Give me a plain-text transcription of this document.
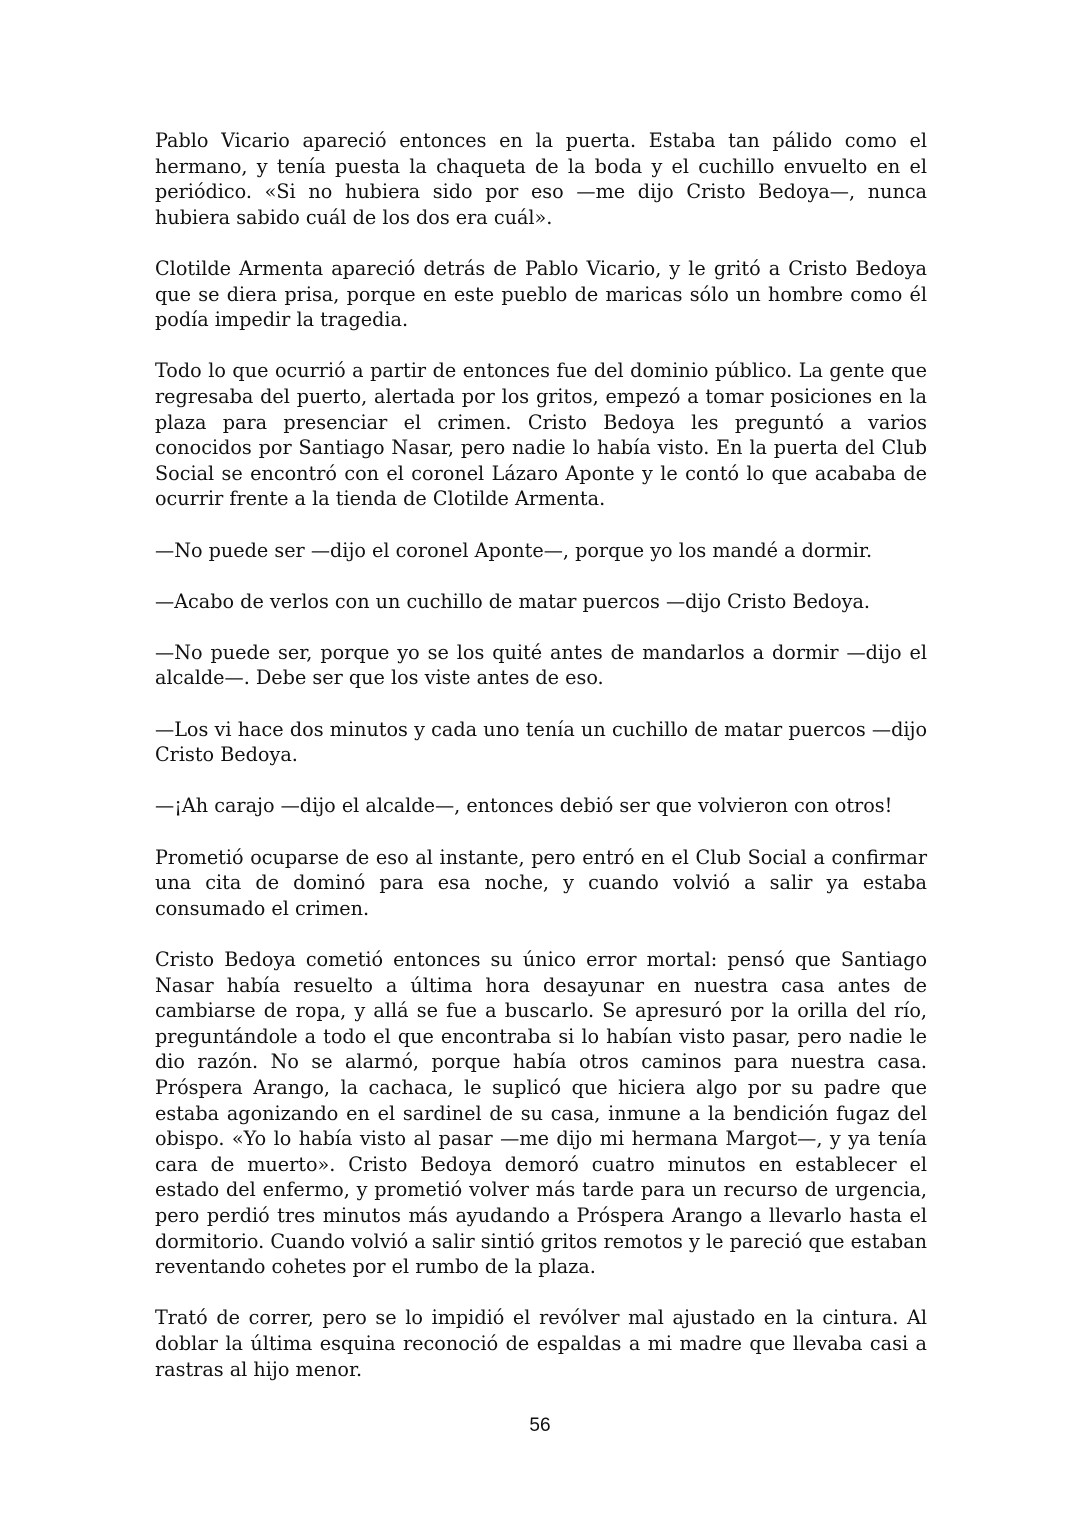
Pablo Vicario apareció entonces en la puerta. Estaba tan pálido como el hermano, y tenía puesta la chaqueta de la boda y el cuchillo envuelto en el periódico. «Si no hubiera sido por eso —me dijo Cristo Bedoya—, nunca hubiera sabido cuál de los dos era cuál».

Clotilde Armenta apareció detrás de Pablo Vicario, y le gritó a Cristo Bedoya que se diera prisa, porque en este pueblo de maricas sólo un hombre como él podía impedir la tragedia.

Todo lo que ocurrió a partir de entonces fue del dominio público. La gente que regresaba del puerto, alertada por los gritos, empezó a tomar posiciones en la plaza para presenciar el crimen. Cristo Bedoya les preguntó a varios conocidos por Santiago Nasar, pero nadie lo había visto. En la puerta del Club Social se encontró con el coronel Lázaro Aponte y le contó lo que acababa de ocurrir frente a la tienda de Clotilde Armenta.

—No puede ser —dijo el coronel Aponte—, porque yo los mandé a dormir.

—Acabo de verlos con un cuchillo de matar puercos —dijo Cristo Bedoya.

—No puede ser, porque yo se los quité antes de mandarlos a dormir —dijo el alcalde—. Debe ser que los viste antes de eso.

—Los vi hace dos minutos y cada uno tenía un cuchillo de matar puercos —dijo Cristo Bedoya.

—¡Ah carajo —dijo el alcalde—, entonces debió ser que volvieron con otros!

Prometió ocuparse de eso al instante, pero entró en el Club Social a confirmar una cita de dominó para esa noche, y cuando volvió a salir ya estaba consumado el crimen.

Cristo Bedoya cometió entonces su único error mortal: pensó que Santiago Nasar había resuelto a última hora desayunar en nuestra casa antes de cambiarse de ropa, y allá se fue a buscarlo. Se apresuró por la orilla del río, preguntándole a todo el que encontraba si lo habían visto pasar, pero nadie le dio razón. No se alarmó, porque había otros caminos para nuestra casa. Próspera Arango, la cachaca, le suplicó que hiciera algo por su padre que estaba agonizando en el sardinel de su casa, inmune a la bendición fugaz del obispo. «Yo lo había visto al pasar —me dijo mi hermana Margot—, y ya tenía cara de muerto». Cristo Bedoya demoró cuatro minutos en establecer el estado del enfermo, y prometió volver más tarde para un recurso de urgencia, pero perdió tres minutos más ayudando a Próspera Arango a llevarlo hasta el dormitorio. Cuando volvió a salir sintió gritos remotos y le pareció que estaban reventando cohetes por el rumbo de la plaza.

Trató de correr, pero se lo impidió el revólver mal ajustado en la cintura. Al doblar la última esquina reconoció de espaldas a mi madre que llevaba casi a rastras al hijo menor.

56
